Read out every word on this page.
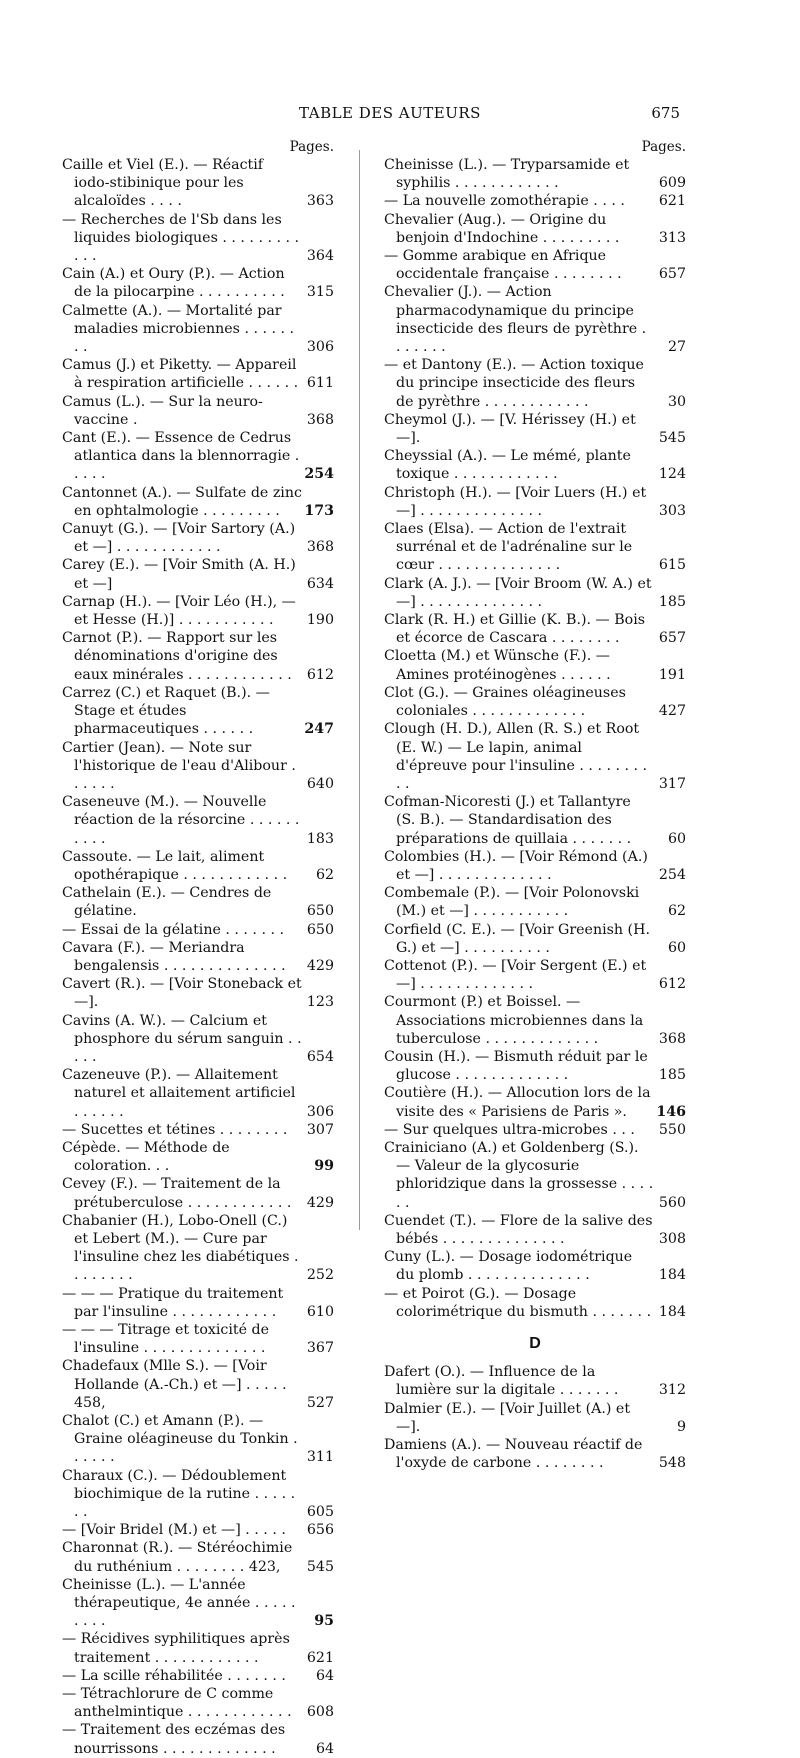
TABLE DES AUTEURS	675
Pages.
Caille et Viel (E.). — Réactif iodo-stibinique pour les alcaloïdes . . . .	363
— Recherches de l'Sb dans les liquides biologiques . . . . . . . . . . . .	364
Cain (A.) et Oury (P.). — Action de la pilocarpine . . . . . . . . . .	315
Calmette (A.). — Mortalité par maladies microbiennes . . . . . . . .	306
Camus (J.) et Piketty. — Appareil à respiration artificielle . . . . . . 611
Camus (L.). — Sur la neuro-vaccine .	368
Cant (E.). — Essence de Cedrus atlantica dans la blennorragie . . . . .	254
Cantonnet (A.). — Sulfate de zinc en ophtalmologie . . . . . . . . . 173
Canuyt (G.). — [Voir Sartory (A.) et —] . . . . . . . . . . . .	368
Carey (E.). — [Voir Smith (A. H.) et —]	634
Carnap (H.). — [Voir Léo (H.), — et Hesse (H.)] . . . . . . . . . . .	190
Carnot (P.). — Rapport sur les dénominations d'origine des eaux minérales . . . . . . . . . . . .	612
Carrez (C.) et Raquet (B.). — Stage et études pharmaceutiques . . . . . .	247
Cartier (Jean). — Note sur l'historique de l'eau d'Alibour . . . . . .	640
Caseneuve (M.). — Nouvelle réaction de la résorcine . . . . . . . . . .	183
Cassoute. — Le lait, aliment opothérapique . . . . . . . . . . . .	62
Cathelain (E.). — Cendres de gélatine.	650
— Essai de la gélatine . . . . . . .	650
Cavara (F.). — Meriandra bengalensis . . . . . . . . . . . . . .	429
Cavert (R.). — [Voir Stoneback et —].	123
Cavins (A. W.). — Calcium et phosphore du sérum sanguin . . . . .	654
Cazeneuve (P.). — Allaitement naturel et allaitement artificiel . . . . . .	306
— Sucettes et tétines . . . . . . . .	307
Cépède. — Méthode de coloration. . .	99
Cevey (F.). — Traitement de la prétuberculose . . . . . . . . . . . .	429
Chabanier (H.), Lobo-Onell (C.) et Lebert (M.). — Cure par l'insuline chez les diabétiques . . . . . . . .	252
— — — Pratique du traitement par l'insuline . . . . . . . . . . . .	610
— — — Titrage et toxicité de l'insuline . . . . . . . . . . . . . .	367
Chadefaux (Mlle S.). — [Voir Hollande (A.-Ch.) et —] . . . . . 458,	527
Chalot (C.) et Amann (P.). — Graine oléagineuse du Tonkin . . . . . .	311
Charaux (C.). — Dédoublement biochimique de la rutine . . . . . . .	605
— [Voir Bridel (M.) et —] . . . . .	656
Charonnat (R.). — Stéréochimie du ruthénium . . . . . . . . 423,	545
Cheinisse (L.). — L'année thérapeutique, 4e année . . . . . . . . .	95
— Récidives syphilitiques après traitement . . . . . . . . . . . .	621
— La scille réhabilitée . . . . . . .	64
— Tétrachlorure de C comme anthelmintique . . . . . . . . . . . .	608
— Traitement des eczémas des nourrissons . . . . . . . . . . . . .	64
Pages.
Cheinisse (L.). — Tryparsamide et syphilis . . . . . . . . . . . .	609
— La nouvelle zomothérapie . . . .	621
Chevalier (Aug.). — Origine du benjoin d'Indochine . . . . . . . . .	313
— Gomme arabique en Afrique occidentale française . . . . . . . .	657
Chevalier (J.). — Action pharmacodynamique du principe insecticide des fleurs de pyrèthre . . . . . . .	27
— et Dantony (E.). — Action toxique du principe insecticide des fleurs de pyrèthre . . . . . . . . . . . .	30
Cheymol (J.). — [V. Hérissey (H.) et —].	545
Cheyssial (A.). — Le mémé, plante toxique . . . . . . . . . . . .	124
Christoph (H.). — [Voir Luers (H.) et —] . . . . . . . . . . . . . .	303
Claes (Elsa). — Action de l'extrait surrénal et de l'adrénaline sur le cœur . . . . . . . . . . . . . .	615
Clark (A. J.). — [Voir Broom (W. A.) et —] . . . . . . . . . . . . . .	185
Clark (R. H.) et Gillie (K. B.). — Bois et écorce de Cascara . . . . . . . .	657
Cloetta (M.) et Wünsche (F.). — Amines protéinogènes . . . . . .	191
Clot (G.). — Graines oléagineuses coloniales . . . . . . . . . . . . .	427
Clough (H. D.), Allen (R. S.) et Root (E. W.) — Le lapin, animal d'épreuve pour l'insuline . . . . . . . . . .	317
Cofman-Nicoresti (J.) et Tallantyre (S. B.). — Standardisation des préparations de quillaia . . . . . . .	60
Colombies (H.). — [Voir Rémond (A.) et —] . . . . . . . . . . . . .	254
Combemale (P.). — [Voir Polonovski (M.) et —] . . . . . . . . . . .	62
Corfield (C. E.). — [Voir Greenish (H. G.) et —] . . . . . . . . . .	60
Cottenot (P.). — [Voir Sergent (E.) et —] . . . . . . . . . . . . .	612
Courmont (P.) et Boissel. — Associations microbiennes dans la tuberculose . . . . . . . . . . . . .	368
Cousin (H.). — Bismuth réduit par le glucose . . . . . . . . . . . . .	185
Coutière (H.). — Allocution lors de la visite des « Parisiens de Paris ». 146
— Sur quelques ultra-microbes . . .	550
Crainiciano (A.) et Goldenberg (S.). — Valeur de la glycosurie phloridzique dans la grossesse . . . . . .	560
Cuendet (T.). — Flore de la salive des bébés . . . . . . . . . . . . . .	308
Cuny (L.). — Dosage iodométrique du plomb . . . . . . . . . . . . . .	184
— et Poirot (G.). — Dosage colorimétrique du bismuth . . . . . . . 184
D
Dafert (O.). — Influence de la lumière sur la digitale . . . . . . .	312
Dalmier (E.). — [Voir Juillet (A.) et —].	9
Damiens (A.). — Nouveau réactif de l'oxyde de carbone . . . . . . . .	548
